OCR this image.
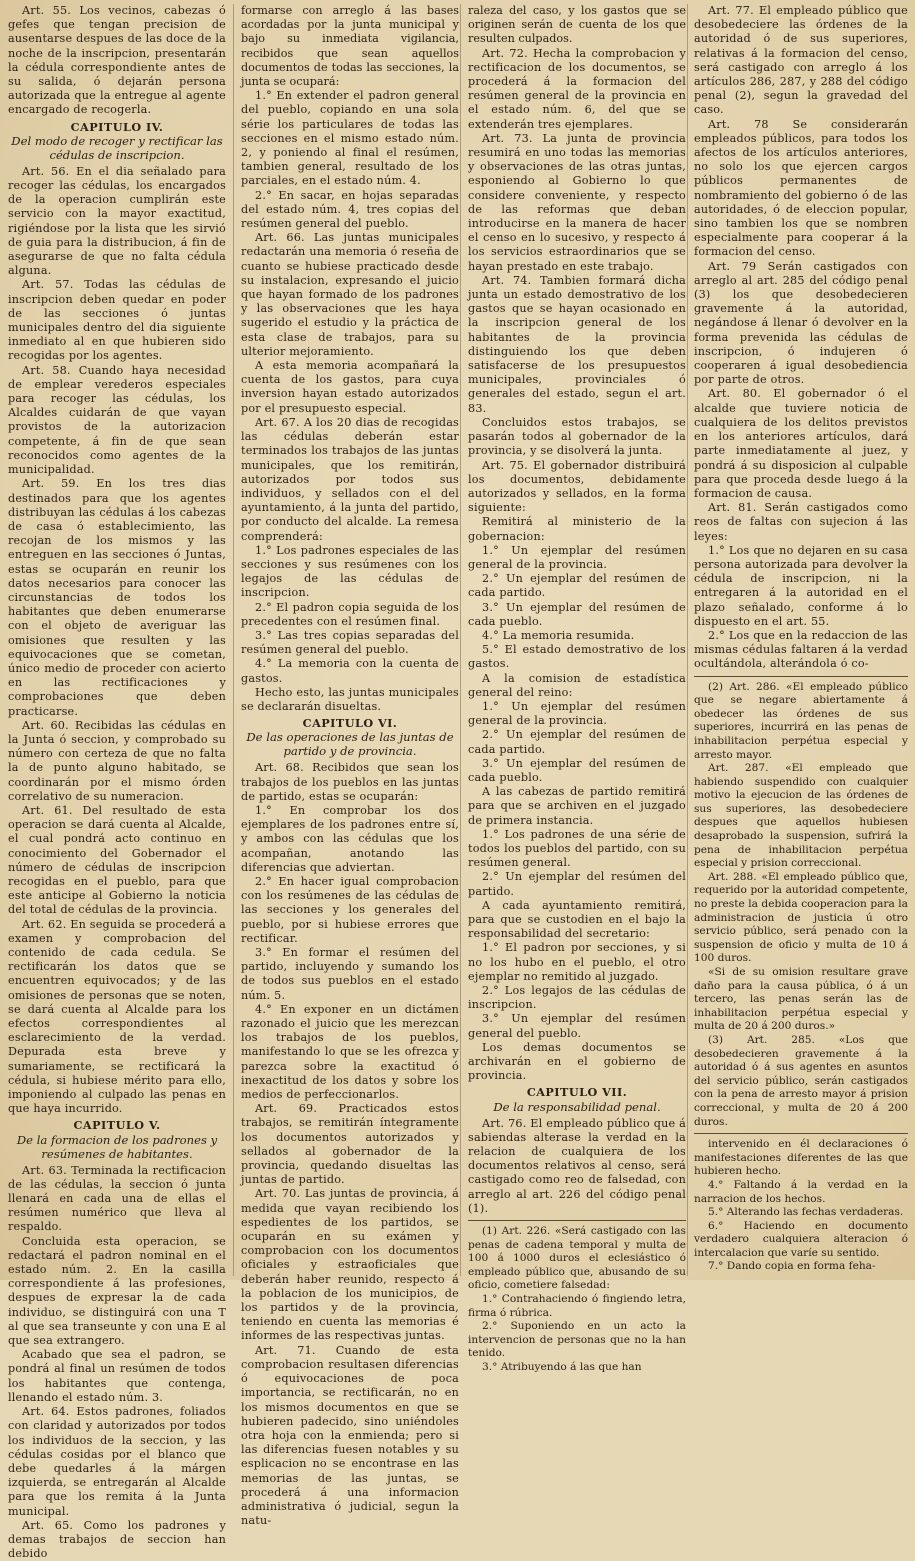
Art. 55. Los vecinos, cabezas ó gefes que tengan precision de ausentarse despues de las doce de la noche de la inscripcion, presentarán la cédula correspondiente antes de su salida, ó dejarán persona autorizada que la entregue al agente encargado de recogerla.

CAPITULO IV.

Del modo de recoger y rectificar las cédulas de inscripcion.

Art. 56. En el dia señalado para recoger las cédulas, los encargados de la operacion cumplirán este servicio con la mayor exactitud, rigiéndose por la lista que les sirvió de guia para la distribucion, á fin de asegurarse de que no falta cédula alguna.

Art. 57. Todas las cédulas de inscripcion deben quedar en poder de las secciones ó juntas municipales dentro del dia siguiente inmediato al en que hubieren sido recogidas por los agentes.

Art. 58. Cuando haya necesidad de emplear verederos especiales para recoger las cédulas, los Alcaldes cuidarán de que vayan provistos de la autorizacion competente, á fin de que sean reconocidos como agentes de la municipalidad.

Art. 59. En los tres dias destinados para que los agentes distribuyan las cédulas á los cabezas de casa ó establecimiento, las recojan de los mismos y las entreguen en las secciones ó Juntas, estas se ocuparán en reunir los datos necesarios para conocer las circunstancias de todos los habitantes que deben enumerarse con el objeto de averiguar las omisiones que resulten y las equivocaciones que se cometan, único medio de proceder con acierto en las rectificaciones y comprobaciones que deben practicarse.

Art. 60. Recibidas las cédulas en la Junta ó seccion, y comprobado su número con certeza de que no falta la de punto alguno habitado, se coordinarán por el mismo órden correlativo de su numeracion.

Art. 61. Del resultado de esta operacion se dará cuenta al Alcalde, el cual pondrá acto continuo en conocimiento del Gobernador el número de cédulas de inscripcion recogidas en el pueblo, para que este anticipe al Gobierno la noticia del total de cédulas de la provincia.

Art. 62. En seguida se procederá a examen y comprobacion del contenido de cada cedula. Se rectificarán los datos que se encuentren equivocados; y de las omisiones de personas que se noten, se dará cuenta al Alcalde para los efectos correspondientes al esclarecimiento de la verdad. Depurada esta breve y sumariamente, se rectificará la cédula, si hubiese mérito para ello, imponiendo al culpado las penas en que haya incurrido.

CAPITULO V.

De la formacion de los padrones y resúmenes de habitantes.

Art. 63. Terminada la rectificacion de las cédulas, la seccion ó junta llenará en cada una de ellas el resúmen numérico que lleva al respaldo.

Concluida esta operacion, se redactará el padron nominal en el estado núm. 2. En la casilla correspondiente á las profesiones, despues de expresar la de cada individuo, se distinguirá con una T al que sea transeunte y con una E al que sea extrangero.

Acabado que sea el padron, se pondrá al final un resúmen de todos los habitantes que contenga, llenando el estado núm. 3.

Art. 64. Estos padrones, foliados con claridad y autorizados por todos los individuos de la seccion, y las cédulas cosidas por el blanco que debe quedarles á la márgen izquierda, se entregarán al Alcalde para que los remita á la Junta municipal.

Art. 65. Como los padrones y demas trabajos de seccion han debido

formarse con arreglo á las bases acordadas por la junta municipal y bajo su inmediata vigilancia, recibidos que sean aquellos documentos de todas las secciones, la junta se ocupará:

1.° En extender el padron general del pueblo, copiando en una sola série los particulares de todas las secciones en el mismo estado núm. 2, y poniendo al final el resúmen, tambien general, resultado de los parciales, en el estado núm. 4.

2.° En sacar, en hojas separadas del estado núm. 4, tres copias del resúmen general del pueblo.

Art. 66. Las juntas municipales redactarán una memoria ó reseña de cuanto se hubiese practicado desde su instalacion, expresando el juicio que hayan formado de los padrones y las observaciones que les haya sugerido el estudio y la práctica de esta clase de trabajos, para su ulterior mejoramiento.

A esta memoria acompañará la cuenta de los gastos, para cuya inversion hayan estado autorizados por el presupuesto especial.

Art. 67. A los 20 dias de recogidas las cédulas deberán estar terminados los trabajos de las juntas municipales, que los remitirán, autorizados por todos sus individuos, y sellados con el del ayuntamiento, á la junta del partido, por conducto del alcalde. La remesa comprenderá:

1.° Los padrones especiales de las secciones y sus resúmenes con los legajos de las cédulas de inscripcion.

2.° El padron copia seguida de los precedentes con el resúmen final.

3.° Las tres copias separadas del resúmen general del pueblo.

4.° La memoria con la cuenta de gastos.

Hecho esto, las juntas municipales se declararán disueltas.

CAPITULO VI.

De las operaciones de las juntas de partido y de provincia.

Art. 68. Recibidos que sean los trabajos de los pueblos en las juntas de partido, estas se ocuparán:

1.° En comprobar los dos ejemplares de los padrones entre sí, y ambos con las cédulas que los acompañan, anotando las diferencias que adviertan.

2.° En hacer igual comprobacion con los resúmenes de las cédulas de las secciones y los generales del pueblo, por si hubiese errores que rectificar.

3.° En formar el resúmen del partido, incluyendo y sumando los de todos sus pueblos en el estado núm. 5.

4.° En exponer en un dictámen razonado el juicio que les merezcan los trabajos de los pueblos, manifestando lo que se les ofrezca y parezca sobre la exactitud ó inexactitud de los datos y sobre los medios de perfeccionarlos.

Art. 69. Practicados estos trabajos, se remitirán íntegramente los documentos autorizados y sellados al gobernador de la provincia, quedando disueltas las juntas de partido.

Art. 70. Las juntas de provincia, á medida que vayan recibiendo los espedientes de los partidos, se ocuparán en su exámen y comprobacion con los documentos oficiales y estraoficiales que deberán haber reunido, respecto á la poblacion de los municipios, de los partidos y de la provincia, teniendo en cuenta las memorias é informes de las respectivas juntas.

Art. 71. Cuando de esta comprobacion resultasen diferencias ó equivocaciones de poca importancia, se rectificarán, no en los mismos documentos en que se hubieren padecido, sino uniéndoles otra hoja con la enmienda; pero si las diferencias fuesen notables y su esplicacion no se encontrase en las memorias de las juntas, se procederá á una informacion administrativa ó judicial, segun la natu-

raleza del caso, y los gastos que se originen serán de cuenta de los que resulten culpados.

Art. 72. Hecha la comprobacion y rectificacion de los documentos, se procederá á la formacion del resúmen general de la provincia en el estado núm. 6, del que se extenderán tres ejemplares.

Art. 73. La junta de provincia resumirá en uno todas las memorias y observaciones de las otras juntas, esponiendo al Gobierno lo que considere conveniente, y respecto de las reformas que deban introducirse en la manera de hacer el censo en lo sucesivo, y respecto á los servicios estraordinarios que se hayan prestado en este trabajo.

Art. 74. Tambien formará dicha junta un estado demostrativo de los gastos que se hayan ocasionado en la inscripcion general de los habitantes de la provincia distinguiendo los que deben satisfacerse de los presupuestos municipales, provinciales ó generales del estado, segun el art. 83.

Concluidos estos trabajos, se pasarán todos al gobernador de la provincia, y se disolverá la junta.

Art. 75. El gobernador distribuirá los documentos, debidamente autorizados y sellados, en la forma siguiente:

Remitirá al ministerio de la gobernacion:

1.° Un ejemplar del resúmen general de la provincia.

2.° Un ejemplar del resúmen de cada partido.

3.° Un ejemplar del resúmen de cada pueblo.

4.° La memoria resumida.

5.° El estado demostrativo de los gastos.

A la comision de estadística general del reino:

1.° Un ejemplar del resúmen general de la provincia.

2.° Un ejemplar del resúmen de cada partido.

3.° Un ejemplar del resúmen de cada pueblo.

A las cabezas de partido remitirá para que se archiven en el juzgado de primera instancia.

1.° Los padrones de una série de todos los pueblos del partido, con su resúmen general.

2.° Un ejemplar del resúmen del partido.

A cada ayuntamiento remitirá, para que se custodien en el bajo la responsabilidad del secretario:

1.° El padron por secciones, y si no los hubo en el pueblo, el otro ejemplar no remitido al juzgado.

2.° Los legajos de las cédulas de inscripcion.

3.° Un ejemplar del resúmen general del pueblo.

Los demas documentos se archivarán en el gobierno de provincia.

CAPITULO VII.

De la responsabilidad penal.

Art. 76. El empleado público que á sabiendas alterase la verdad en la relacion de cualquiera de los documentos relativos al censo, será castigado como reo de falsedad, con arreglo al art. 226 del código penal (1).

(1) Art. 226. «Será castigado con las penas de cadena temporal y multa de 100 á 1000 duros el eclesiástico ó empleado público que, abusando de su oficio, cometiere falsedad:

1.° Contrahaciendo ó fingiendo letra, firma ó rúbrica.

2.° Suponiendo en un acto la intervencion de personas que no la han tenido.

3.° Atribuyendo á las que han

Art. 77. El empleado público que desobedeciere las órdenes de la autoridad ó de sus superiores, relativas á la formacion del censo, será castigado con arreglo á los artículos 286, 287, y 288 del código penal (2), segun la gravedad del caso.

Art. 78 Se considerarán empleados públicos, para todos los afectos de los artículos anteriores, no solo los que ejercen cargos públicos permanentes de nombramiento del gobierno ó de las autoridades, ó de eleccion popular, sino tambien los que se nombren especialmente para cooperar á la formacion del censo.

Art. 79 Serán castigados con arreglo al art. 285 del código penal (3) los que desobedecieren gravemente á la autoridad, negándose á llenar ó devolver en la forma prevenida las cédulas de inscripcion, ó indujeren ó cooperaren á igual desobediencia por parte de otros.

Art. 80. El gobernador ó el alcalde que tuviere noticia de cualquiera de los delitos previstos en los anteriores artículos, dará parte inmediatamente al juez, y pondrá á su disposicion al culpable para que proceda desde luego á la formacion de causa.

Art. 81. Serán castigados como reos de faltas con sujecion á las leyes:

1.° Los que no dejaren en su casa persona autorizada para devolver la cédula de inscripcion, ni la entregaren á la autoridad en el plazo señalado, conforme á lo dispuesto en el art. 55.

2.° Los que en la redaccion de las mismas cédulas faltaren á la verdad ocultándola, alterándola ó co-

(2) Art. 286. «El empleado público que se negare abiertamente á obedecer las órdenes de sus superiores, incurrirá en las penas de inhabilitacion perpétua especial y arresto mayor.

Art. 287. «El empleado que habiendo suspendido con cualquier motivo la ejecucion de las órdenes de sus superiores, las desobedeciere despues que aquellos hubiesen desaprobado la suspension, sufrirá la pena de inhabilitacion perpétua especial y prision correccional.

Art. 288. «El empleado público que, requerido por la autoridad competente, no preste la debida cooperacion para la administracion de justicia ú otro servicio público, será penado con la suspension de oficio y multa de 10 á 100 duros.

«Si de su omision resultare grave daño para la causa pública, ó á un tercero, las penas serán las de inhabilitacion perpétua especial y multa de 20 á 200 duros.»

(3) Art. 285. «Los que desobedecieren gravemente á la autoridad ó á sus agentes en asuntos del servicio público, serán castigados con la pena de arresto mayor á prision correccional, y multa de 20 á 200 duros.

intervenido en él declaraciones ó manifestaciones diferentes de las que hubieren hecho.

4.° Faltando á la verdad en la narracion de los hechos.

5.° Alterando las fechas verdaderas.

6.° Haciendo en documento verdadero cualquiera alteracion ó intercalacion que varíe su sentido.

7.° Dando copia en forma feha-
